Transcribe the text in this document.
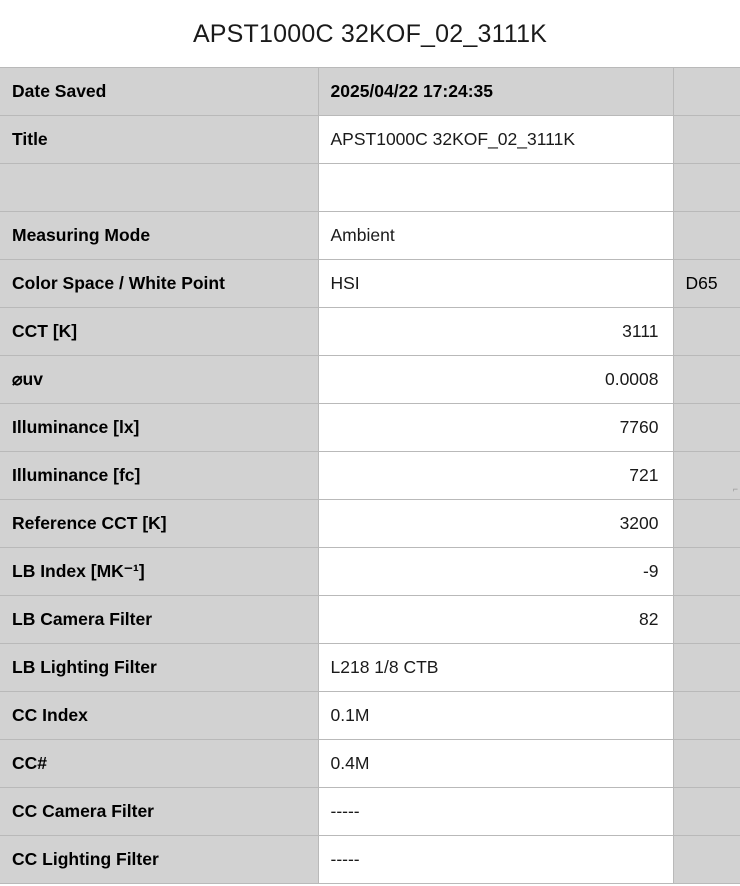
APST1000C 32KOF_02_3111K
Date Saved	2025/04/22 17:24:35	
Title	APST1000C 32KOF_02_3111K	

Measuring Mode	Ambient	
Color Space / White Point	HSI	D65
CCT [K]	3111	
⌀uv	0.0008	
Illuminance [lx]	7760	
Illuminance [fc]	721	
Reference CCT [K]	3200	
LB Index [MK⁻¹]	-9	
LB Camera Filter	82	
LB Lighting Filter	L218 1/8 CTB	
CC Index	0.1M	
CC#	0.4M	
CC Camera Filter	-----	
CC Lighting Filter	-----	
⌐
